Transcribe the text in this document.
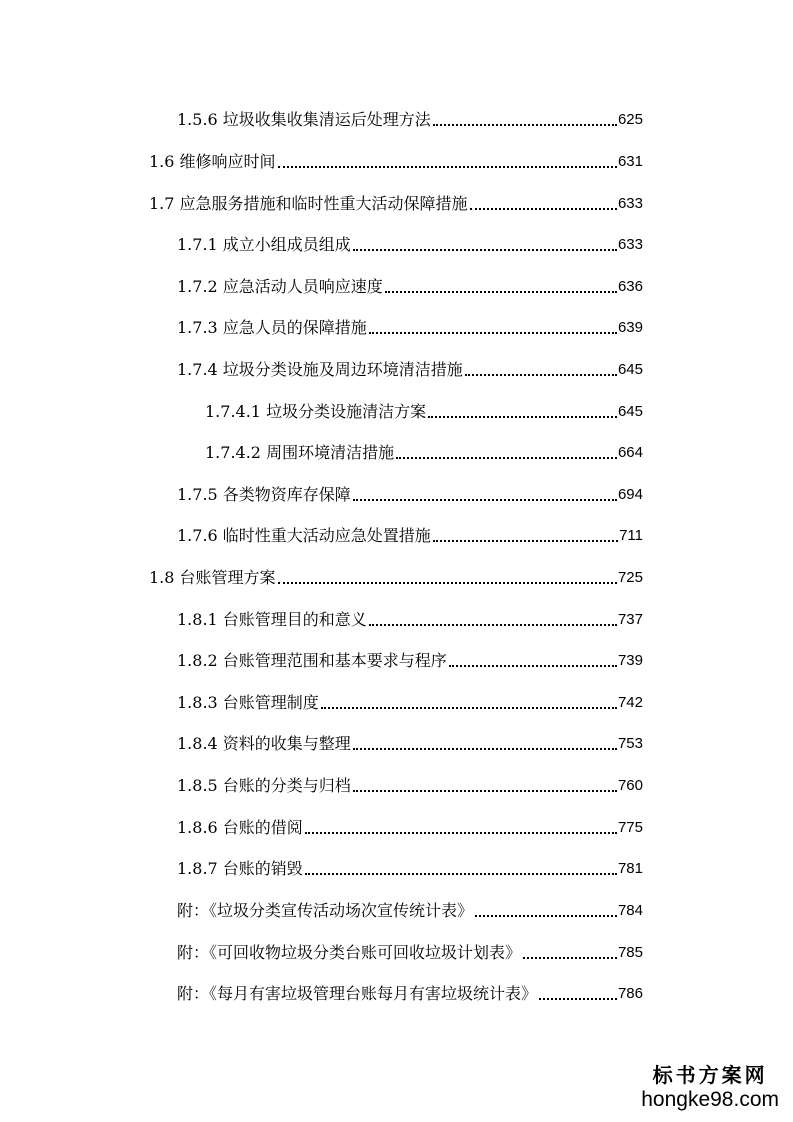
1.5.6 垃圾收集收集清运后处理方法	625
1.6 维修响应时间	631
1.7 应急服务措施和临时性重大活动保障措施	633
1.7.1 成立小组成员组成	633
1.7.2 应急活动人员响应速度	636
1.7.3 应急人员的保障措施	639
1.7.4 垃圾分类设施及周边环境清洁措施	645
1.7.4.1 垃圾分类设施清洁方案	645
1.7.4.2 周围环境清洁措施	664
1.7.5 各类物资库存保障	694
1.7.6 临时性重大活动应急处置措施	711
1.8 台账管理方案	725
1.8.1 台账管理目的和意义	737
1.8.2 台账管理范围和基本要求与程序	739
1.8.3 台账管理制度	742
1.8.4 资料的收集与整理	753
1.8.5 台账的分类与归档	760
1.8.6 台账的借阅	775
1.8.7 台账的销毁	781
附：《垃圾分类宣传活动场次宣传统计表》	784
附：《可回收物垃圾分类台账可回收垃圾计划表》	785
附：《每月有害垃圾管理台账每月有害垃圾统计表》	786
标书方案网
hongke98.com
